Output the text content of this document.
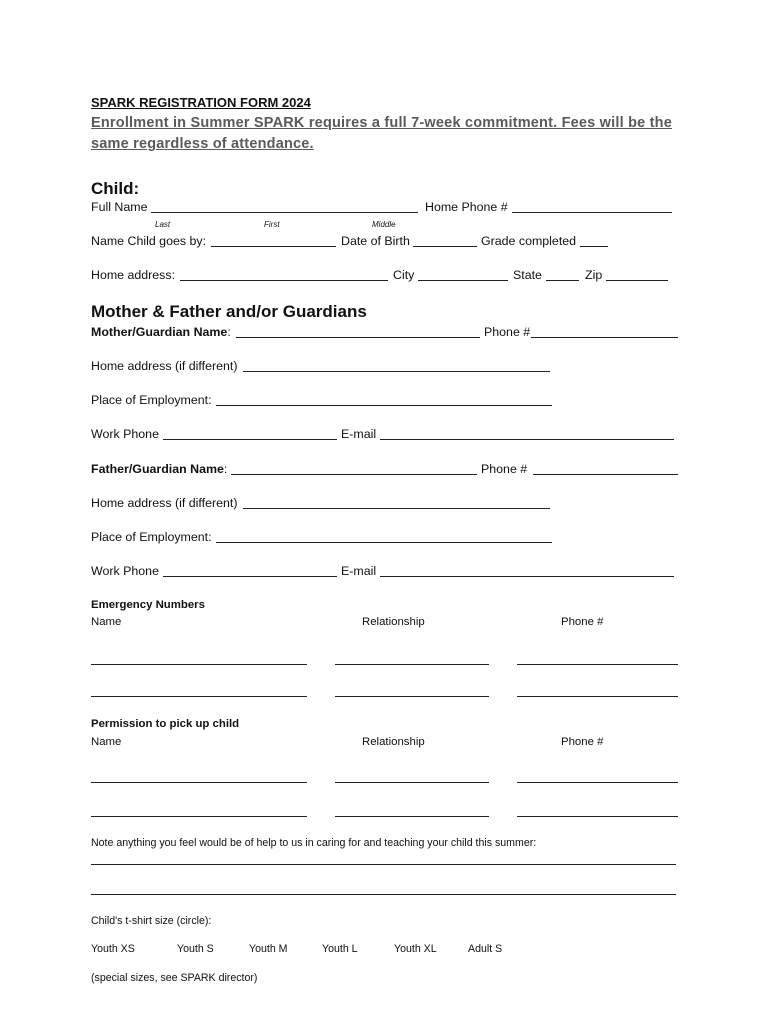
SPARK REGISTRATION FORM 2024
Enrollment in Summer SPARK requires a full 7-week commitment. Fees will be the
same regardless of attendance.
Child:
Full Name	Home Phone #
Last	First	Middle
Name Child goes by:	Date of Birth	Grade completed
Home address:	City	State	Zip
Mother & Father and/or Guardians
Mother/Guardian Name:	Phone #
Home address (if different)
Place of Employment:
Work Phone	E-mail
Father/Guardian Name:	Phone #
Home address (if different)
Place of Employment:
Work Phone	E-mail
Emergency Numbers
Name	Relationship	Phone #
Permission to pick up child
Name	Relationship	Phone #
Note anything you feel would be of help to us in caring for and teaching your child this summer:
Child's t-shirt size (circle):
Youth XS	Youth S	Youth M	Youth L	Youth XL	Adult S
(special sizes, see SPARK director)
